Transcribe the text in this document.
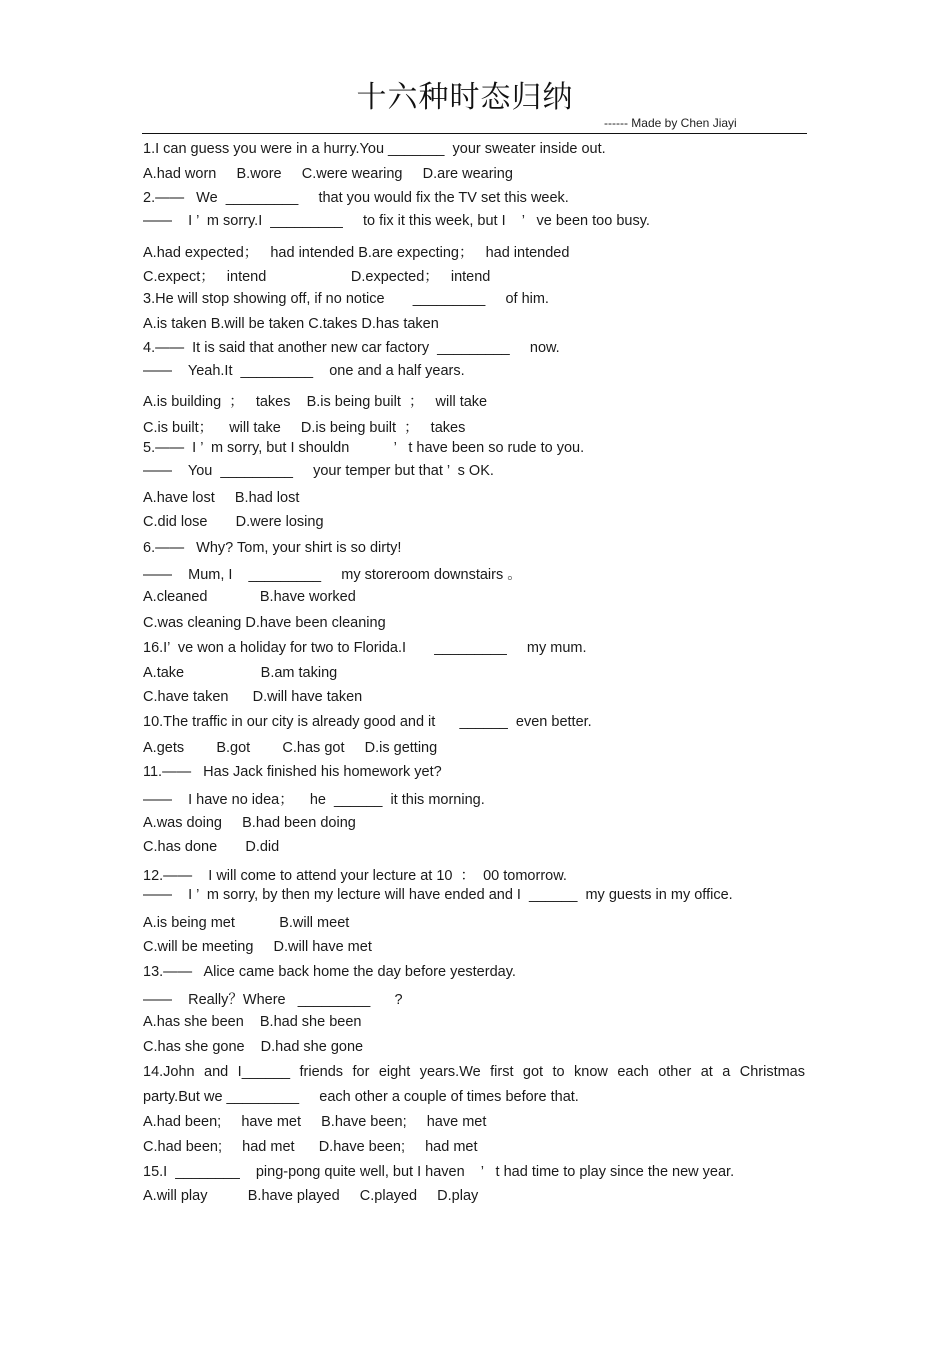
十六种时态归纳
------ Made by Chen Jiayi
1.I can guess you were in a hurry.You _______  your sweater inside out.
A.had worn     B.wore     C.were wearing     D.are wearing
2.——   We  _________     that you would fix the TV set this week.
——    I ’  m sorry.I  _________     to fix it this week, but I    ’   ve been too busy.
A.had expected；   had intended B.are expecting；   had intended
C.expect；   intend                     D.expected；   intend
3.He will stop showing off, if no notice       _________     of him.
A.is taken B.will be taken C.takes D.has taken
4.——  It is said that another new car factory  _________     now.
——    Yeah.It  _________    one and a half years.
A.is building  ；   takes    B.is being built  ；   will take
C.is built；    will take     D.is being built  ；   takes
5.——  I ’  m sorry, but I shouldn           ’   t have been so rude to you.
——    You  _________     your temper but that ’  s OK.
A.have lost     B.had lost
C.did lose       D.were losing
6.——   Why? Tom, your shirt is so dirty!
——    Mum, I    _________     my storeroom downstairs 。
A.cleaned             B.have worked
C.was cleaning D.have been cleaning
16.I’  ve won a holiday for two to Florida.I       _________     my mum.
A.take                   B.am taking
C.have taken      D.will have taken
10.The traffic in our city is already good and it      ______  even better.
A.gets        B.got        C.has got     D.is getting
11.——   Has Jack finished his homework yet?
——    I have no idea；    he  ______  it this morning.
A.was doing     B.had been doing
C.has done       D.did
12.——    I will come to attend your lecture at 10  ：  00 tomorrow.
——    I ’  m sorry, by then my lecture will have ended and I  ______  my guests in my office.
A.is being met           B.will meet
C.will be meeting     D.will have met
13.——   Alice came back home the day before yesterday.
——    Really？Where   _________      ?
A.has she been    B.had she been
C.has she gone    D.had she gone
14.John and I______ friends for eight years.We first got to know each other at a Christmas
party.But we _________     each other a couple of times before that.
A.had been;     have met     B.have been;     have met
C.had been;     had met      D.have been;     had met
15.I  ________    ping-pong quite well, but I haven    ’   t had time to play since the new year.
A.will play          B.have played     C.played     D.play
